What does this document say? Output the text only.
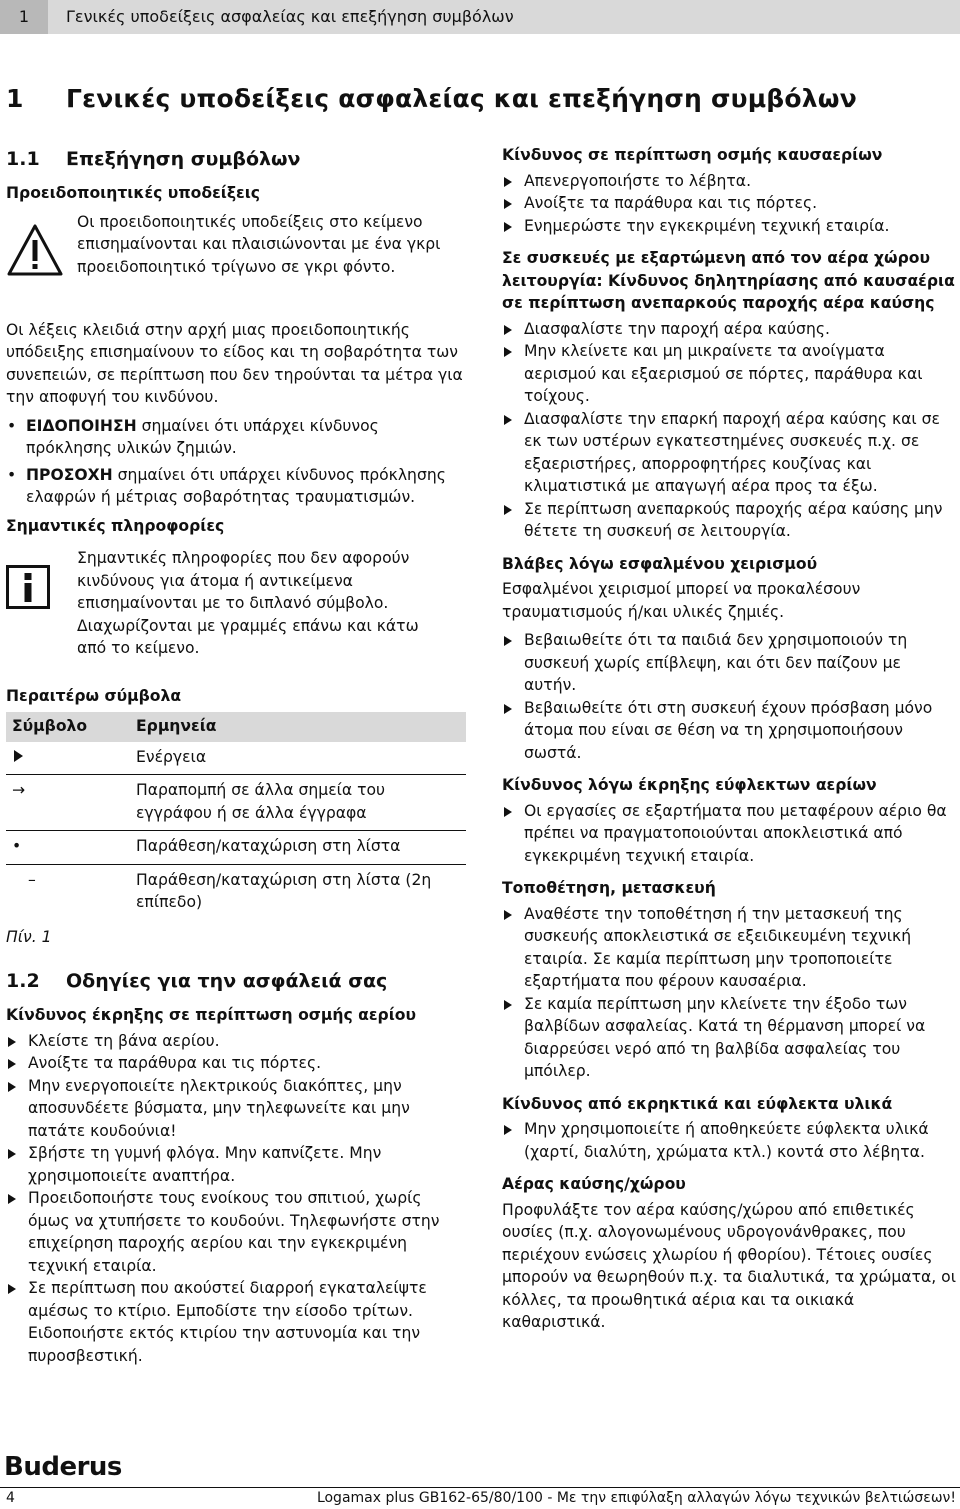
1	Γενικές υποδείξεις ασφαλείας και επεξήγηση συμβόλων
1 Γενικές υποδείξεις ασφαλείας και επεξήγηση συμβόλων
1.1 Επεξήγηση συμβόλων
Προειδοποιητικές υποδείξεις
Οι προειδοποιητικές υποδείξεις στο κείμενο επισημαίνονται και πλαισιώνονται με ένα γκρι προειδοποιητικό τρίγωνο σε γκρι φόντο.

Οι λέξεις κλειδιά στην αρχή μιας προειδοποιητικής υπόδειξης επισημαίνουν το είδος και τη σοβαρότητα των συνεπειών, σε περίπτωση που δεν τηρούνται τα μέτρα για την αποφυγή του κινδύνου.

• ΕΙΔΟΠΟΙΗΣΗ σημαίνει ότι υπάρχει κίνδυνος πρόκλησης υλικών ζημιών.
• ΠΡΟΣΟΧΗ σημαίνει ότι υπάρχει κίνδυνος πρόκλησης ελαφρών ή μέτριας σοβαρότητας τραυματισμών.
Σημαντικές πληροφορίες
Σημαντικές πληροφορίες που δεν αφορούν κινδύνους για άτομα ή αντικείμενα επισημαίνονται με το διπλανό σύμβολο. Διαχωρίζονται με γραμμές επάνω και κάτω από το κείμενο.
Περαιτέρω σύμβολα
Σύμβολο	Ερμηνεία
	Ενέργεια
→	Παραπομπή σε άλλα σημεία του εγγράφου ή σε άλλα έγγραφα
•	Παράθεση/καταχώριση στη λίστα
–	Παράθεση/καταχώριση στη λίστα (2η επίπεδο)
Πίν. 1
1.2 Οδηγίες για την ασφάλειά σας
Κίνδυνος έκρηξης σε περίπτωση οσμής αερίου
Κλείστε τη βάνα αερίου.
Ανοίξτε τα παράθυρα και τις πόρτες.
Μην ενεργοποιείτε ηλεκτρικούς διακόπτες, μην αποσυνδέετε βύσματα, μην τηλεφωνείτε και μην πατάτε κουδούνια!
Σβήστε τη γυμνή φλόγα. Μην καπνίζετε. Μην χρησιμοποιείτε αναπτήρα.
Προειδοποιήστε τους ενοίκους του σπιτιού, χωρίς όμως να χτυπήσετε το κουδούνι. Τηλεφωνήστε στην επιχείρηση παροχής αερίου και την εγκεκριμένη τεχνική εταιρία.
Σε περίπτωση που ακούστεί διαρροή εγκαταλείψτε αμέσως το κτίριο. Εμποδίστε την είσοδο τρίτων. Ειδοποιήστε εκτός κτιρίου την αστυνομία και την πυροσβεστική.
Κίνδυνος σε περίπτωση οσμής καυσαερίων
Απενεργοποιήστε το λέβητα.
Ανοίξτε τα παράθυρα και τις πόρτες.
Ενημερώστε την εγκεκριμένη τεχνική εταιρία.
Σε συσκευές με εξαρτώμενη από τον αέρα χώρου λειτουργία: Κίνδυνος δηλητηρίασης από καυσαέρια σε περίπτωση ανεπαρκούς παροχής αέρα καύσης
Διασφαλίστε την παροχή αέρα καύσης.
Μην κλείνετε και μη μικραίνετε τα ανοίγματα αερισμού και εξαερισμού σε πόρτες, παράθυρα και τοίχους.
Διασφαλίστε την επαρκή παροχή αέρα καύσης και σε εκ των υστέρων εγκατεστημένες συσκευές π.χ. σε εξαεριστήρες, απορροφητήρες κουζίνας και κλιματιστικά με απαγωγή αέρα προς τα έξω.
Σε περίπτωση ανεπαρκούς παροχής αέρα καύσης μην θέτετε τη συσκευή σε λειτουργία.
Βλάβες λόγω εσφαλμένου χειρισμού

Εσφαλμένοι χειρισμοί μπορεί να προκαλέσουν τραυματισμούς ή/και υλικές ζημιές.

Βεβαιωθείτε ότι τα παιδιά δεν χρησιμοποιούν τη συσκευή χωρίς επίβλεψη, και ότι δεν παίζουν με αυτήν.
Βεβαιωθείτε ότι στη συσκευή έχουν πρόσβαση μόνο άτομα που είναι σε θέση να τη χρησιμοποιήσουν σωστά.
Κίνδυνος λόγω έκρηξης εύφλεκτων αερίων
Οι εργασίες σε εξαρτήματα που μεταφέρουν αέριο θα πρέπει να πραγματοποιούνται αποκλειστικά από εγκεκριμένη τεχνική εταιρία.
Τοποθέτηση, μετασκευή
Αναθέστε την τοποθέτηση ή την μετασκευή της συσκευής αποκλειστικά σε εξειδικευμένη τεχνική εταιρία. Σε καμία περίπτωση μην τροποποιείτε εξαρτήματα που φέρουν καυσαέρια.
Σε καμία περίπτωση μην κλείνετε την έξοδο των βαλβίδων ασφαλείας. Κατά τη θέρμανση μπορεί να διαρρεύσει νερό από τη βαλβίδα ασφαλείας του μπόιλερ.
Κίνδυνος από εκρηκτικά και εύφλεκτα υλικά
Μην χρησιμοποιείτε ή αποθηκεύετε εύφλεκτα υλικά (χαρτί, διαλύτη, χρώματα κτλ.) κοντά στο λέβητα.
Αέρας καύσης/χώρου

Προφυλάξτε τον αέρα καύσης/χώρου από επιθετικές ουσίες (π.χ. αλογονωμένους υδρογονάνθρακες, που περιέχουν ενώσεις χλωρίου ή φθορίου). Τέτοιες ουσίες μπορούν να θεωρηθούν π.χ. τα διαλυτικά, τα χρώματα, οι κόλλες, τα προωθητικά αέρια και τα οικιακά καθαριστικά.

Buderus
4	Logamax plus GB162-65/80/100 - Με την επιφύλαξη αλλαγών λόγω τεχνικών βελτιώσεων!
